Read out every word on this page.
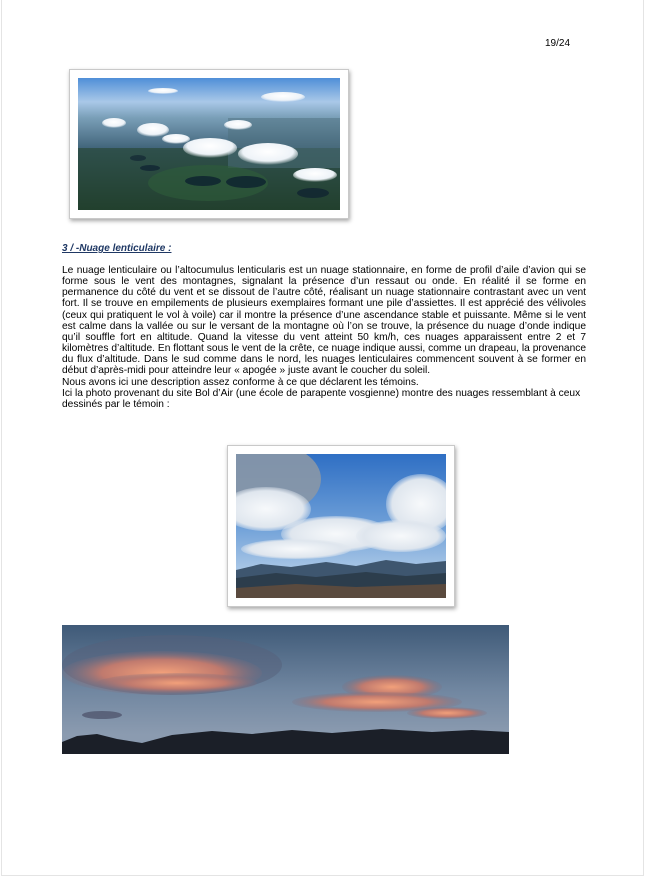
19/24
3 / -Nuage lenticulaire :

Le nuage lenticulaire ou l’altocumulus lenticularis est un nuage stationnaire, en forme de profil d’aile d’avion qui se forme sous le vent des montagnes, signalant la présence d’un ressaut ou onde. En réalité il se forme en permanence du côté du vent et se dissout de l’autre côté, réalisant un nuage stationnaire contrastant avec un vent fort. Il se trouve en empilements de plusieurs exemplaires formant une pile d’assiettes. Il est apprécié des vélivoles (ceux qui pratiquent le vol à voile) car il montre la présence d’une ascendance stable et puissante. Même si le vent est calme dans la vallée ou sur le versant de la montagne où l’on se trouve, la présence du nuage d’onde indique qu’il souffle fort en altitude. Quand la vitesse du vent atteint 50 km/h, ces nuages apparaissent entre 2 et 7 kilomètres d’altitude. En flottant sous le vent de la crête, ce nuage indique aussi, comme un drapeau, la provenance du flux d’altitude. Dans le sud comme dans le nord, les nuages lenticulaires commencent souvent à se former en début d’après-midi pour atteindre leur « apogée » juste avant le coucher du soleil.

Nous avons ici une description assez conforme à ce que déclarent les témoins.

Ici la photo provenant du site Bol d’Air (une école de parapente vosgienne) montre des nuages ressemblant à ceux dessinés par le témoin :
